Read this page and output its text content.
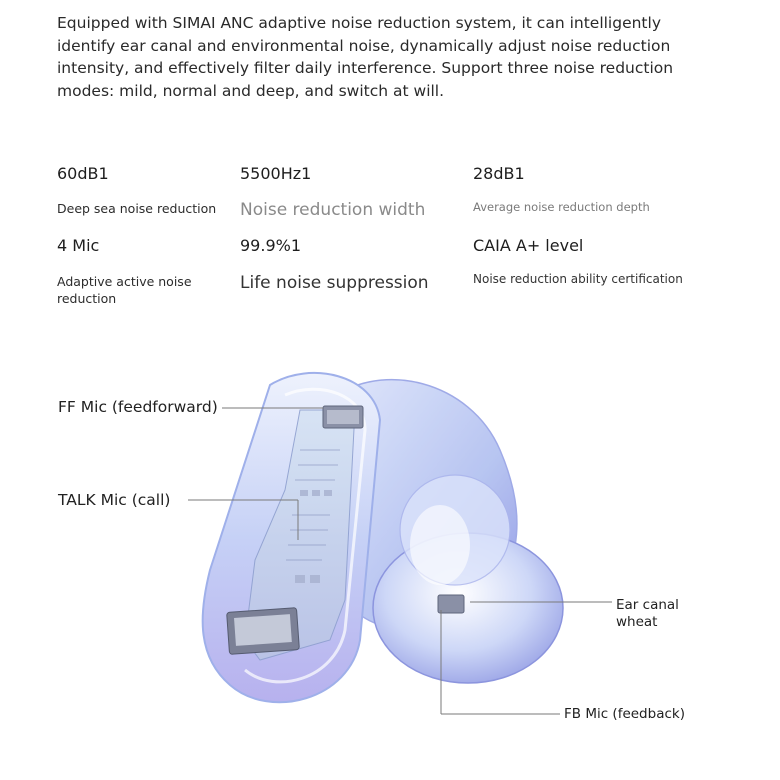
Equipped with SIMAI ANC adaptive noise reduction system, it can intelligently identify ear canal and environmental noise, dynamically adjust noise reduction intensity, and effectively filter daily interference. Support three noise reduction modes: mild, normal and deep, and switch at will.

60dB1
Deep sea noise reduction
5500Hz1
Noise reduction width
28dB1
Average noise reduction depth
4 Mic
Adaptive active noise reduction
99.9%1
Life noise suppression
CAIA A+ level
Noise reduction ability certification
FF Mic (feedforward)
TALK Mic (call)
Ear canal
wheat
FB Mic (feedback)
